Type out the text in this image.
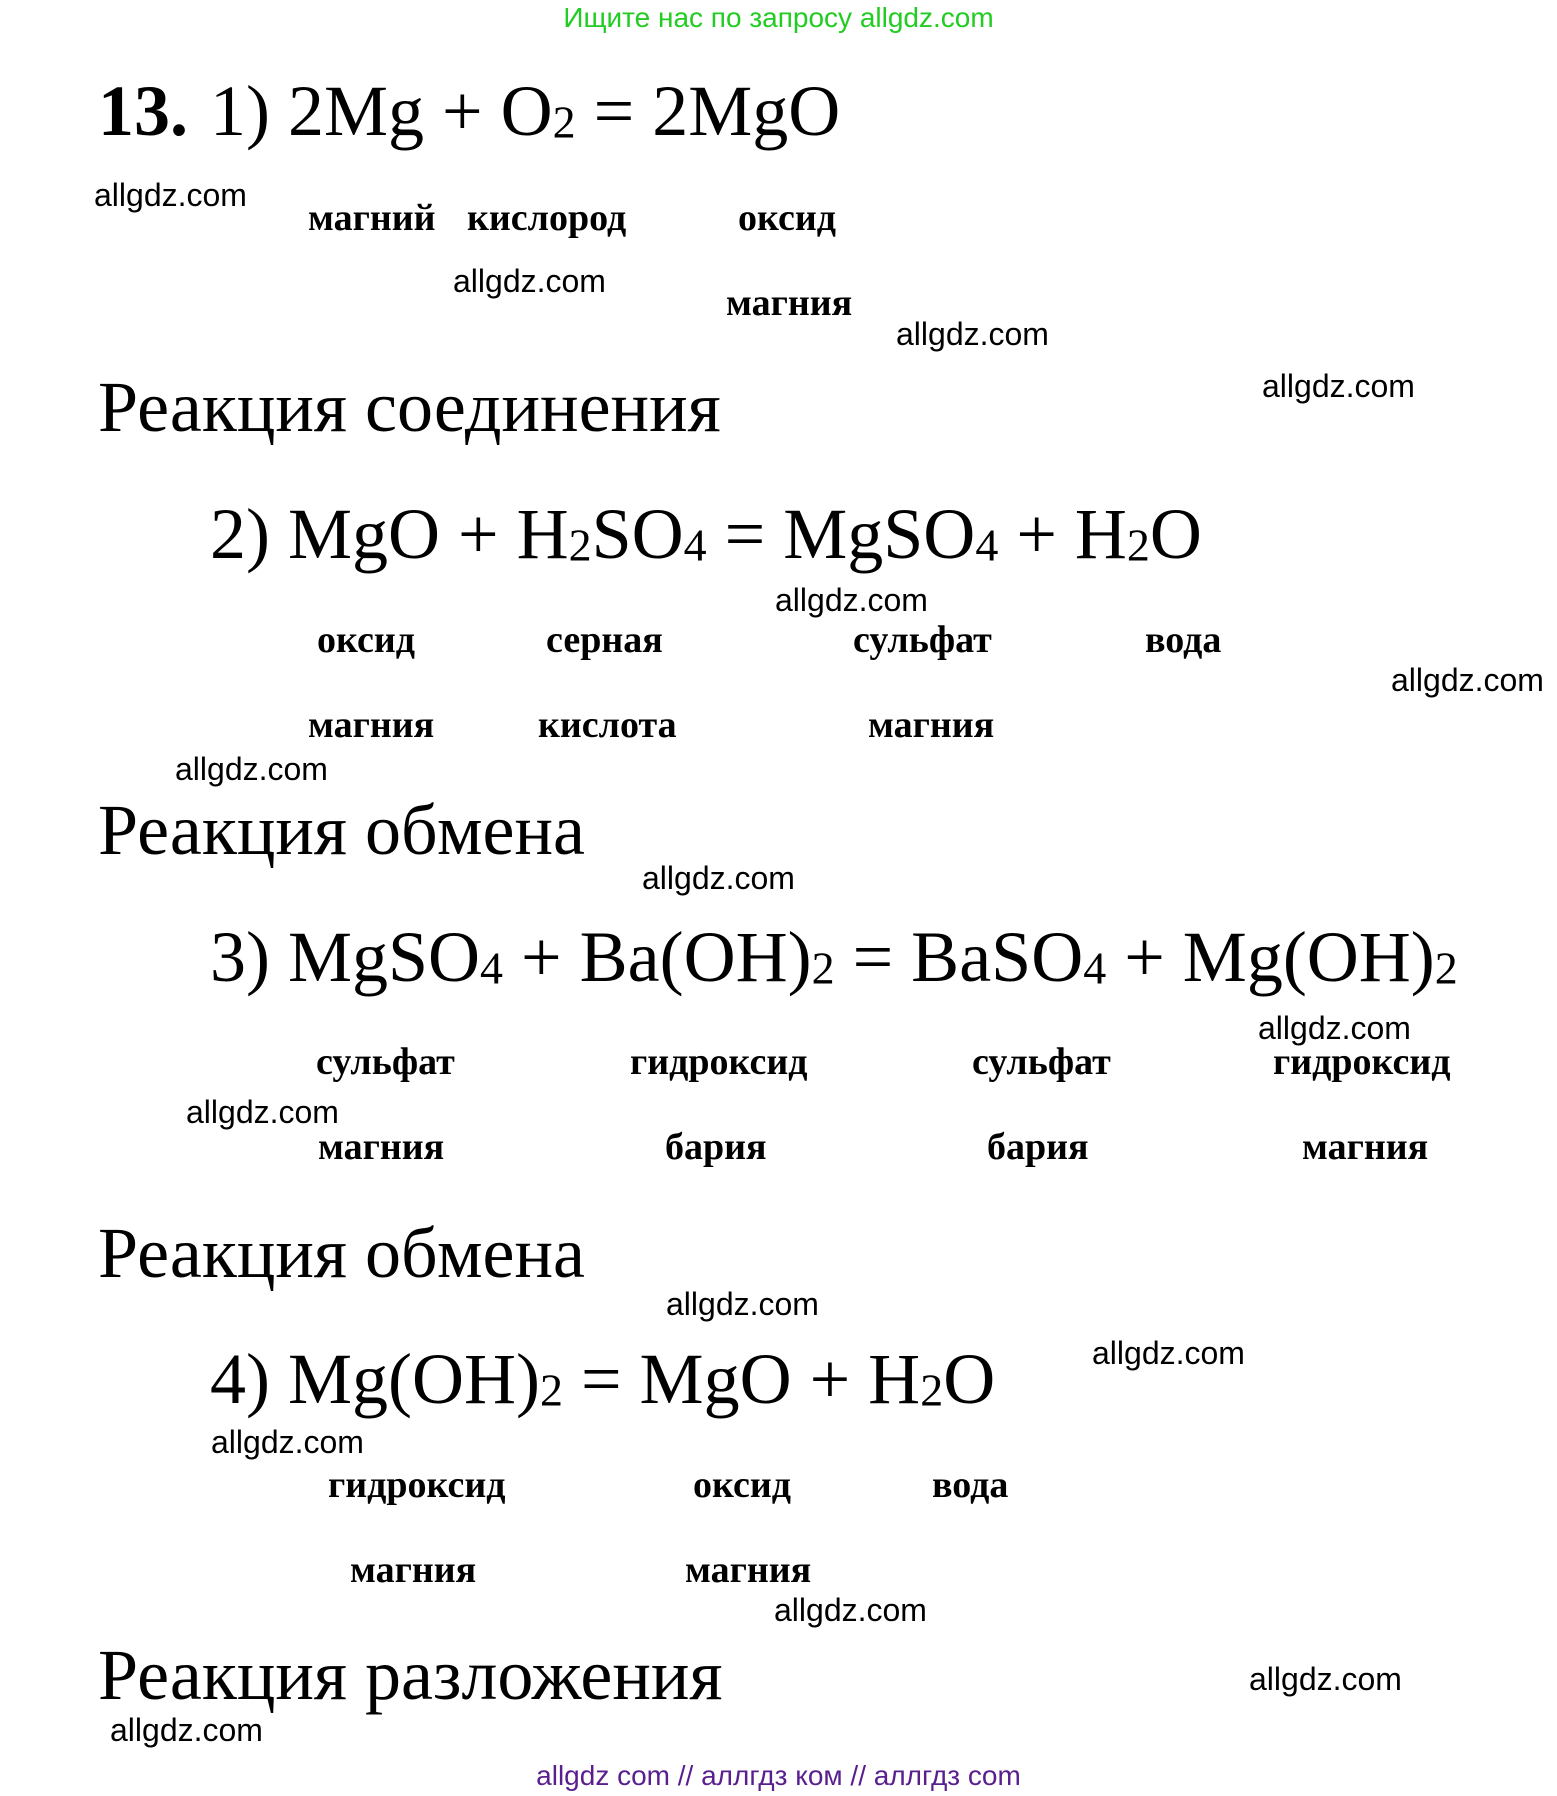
Ищите нас по запросу allgdz.com
13. 1) $2Mg + O_2 = 2MgO$
магний кислород	оксид
магния
Реакция соединения
2) MgO + $H_2SO_4$ = MgSO$_4$ + $H_2O$
оксид
магния
серная
кислота
сульфат
магния
вода
Реакция обмена
3) MgSO$_4$ + $Ba(OH)_2$ = BaSO$_4$ + $Mg(OH)_2$
сульфат
магния
гидроксид
бария
сульфат
бария
гидроксид
магния
Реакция обмена
4) $Mg(OH)_2$ = MgO + $H_2O$
гидроксид
магния
оксид
магния
вода
Реакция разложения
allgdz.com
allgdz.com
allgdz.com
allgdz.com
allgdz.com
allgdz.com
allgdz.com
allgdz.com
allgdz.com
allgdz.com
allgdz.com
allgdz.com
allgdz.com
allgdz.com
allgdz.com
allgdz.com
allgdz com // аллгдз ком // аллгдз com
